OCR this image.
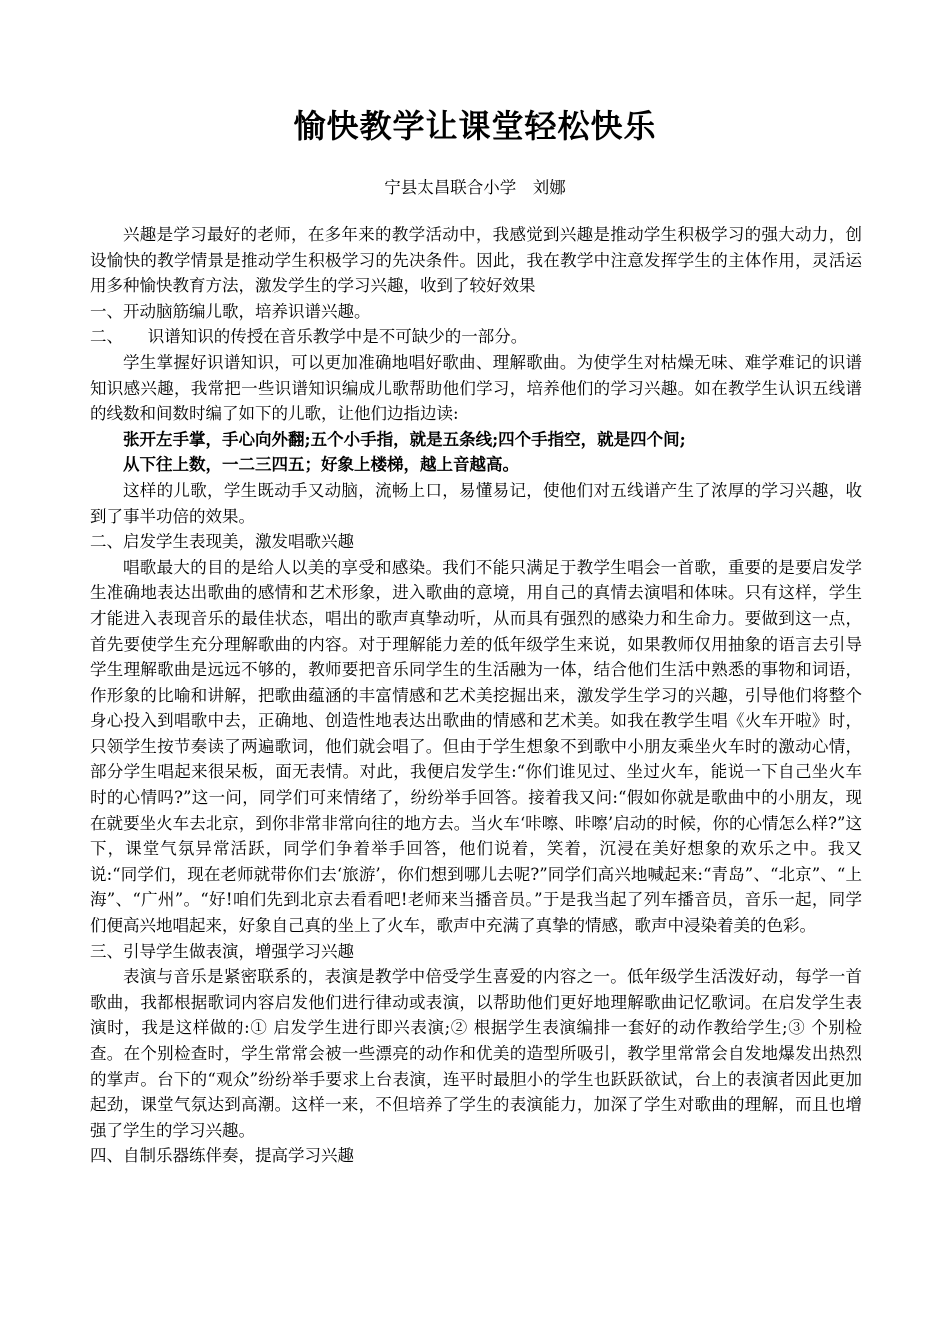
愉快教学让课堂轻松快乐
宁县太昌联合小学　刘娜

兴趣是学习最好的老师，在多年来的教学活动中，我感觉到兴趣是推动学生积极学习的强大动力，创设愉快的教学情景是推动学生积极学习的先决条件。因此，我在教学中注意发挥学生的主体作用，灵活运用多种愉快教育方法，激发学生的学习兴趣，收到了较好效果

一、开动脑筋编儿歌，培养识谱兴趣。

二、　　识谱知识的传授在音乐教学中是不可缺少的一部分。

学生掌握好识谱知识，可以更加准确地唱好歌曲、理解歌曲。为使学生对枯燥无味、难学难记的识谱知识感兴趣，我常把一些识谱知识编成儿歌帮助他们学习，培养他们的学习兴趣。如在教学生认识五线谱的线数和间数时编了如下的儿歌，让他们边指边读:

张开左手掌，手心向外翻;五个小手指，就是五条线;四个手指空，就是四个间;

从下往上数，一二三四五；好象上楼梯，越上音越高。

这样的儿歌，学生既动手又动脑，流畅上口，易懂易记，使他们对五线谱产生了浓厚的学习兴趣，收到了事半功倍的效果。

二、启发学生表现美，激发唱歌兴趣

唱歌最大的目的是给人以美的享受和感染。我们不能只满足于教学生唱会一首歌，重要的是要启发学生准确地表达出歌曲的感情和艺术形象，进入歌曲的意境，用自己的真情去演唱和体味。只有这样，学生才能进入表现音乐的最佳状态，唱出的歌声真挚动听，从而具有强烈的感染力和生命力。要做到这一点，首先要使学生充分理解歌曲的内容。对于理解能力差的低年级学生来说，如果教师仅用抽象的语言去引导学生理解歌曲是远远不够的，教师要把音乐同学生的生活融为一体，结合他们生活中熟悉的事物和词语，作形象的比喻和讲解，把歌曲蕴涵的丰富情感和艺术美挖掘出来，激发学生学习的兴趣，引导他们将整个身心投入到唱歌中去，正确地、创造性地表达出歌曲的情感和艺术美。如我在教学生唱《火车开啦》时，只领学生按节奏读了两遍歌词，他们就会唱了。但由于学生想象不到歌中小朋友乘坐火车时的激动心情，部分学生唱起来很呆板，面无表情。对此，我便启发学生:“你们谁见过、坐过火车，能说一下自己坐火车时的心情吗?”这一问，同学们可来情绪了，纷纷举手回答。接着我又问:“假如你就是歌曲中的小朋友，现在就要坐火车去北京，到你非常非常向往的地方去。当火车‘咔嚓、咔嚓’启动的时候，你的心情怎么样?”这下，课堂气氛异常活跃，同学们争着举手回答，他们说着，笑着，沉浸在美好想象的欢乐之中。我又说:“同学们，现在老师就带你们去‘旅游’，你们想到哪儿去呢?”同学们高兴地喊起来:“青岛”、“北京”、“上海”、“广州”。“好!咱们先到北京去看看吧!老师来当播音员。”于是我当起了列车播音员，音乐一起，同学们便高兴地唱起来，好象自己真的坐上了火车，歌声中充满了真挚的情感，歌声中浸染着美的色彩。

三、引导学生做表演，增强学习兴趣

表演与音乐是紧密联系的，表演是教学中倍受学生喜爱的内容之一。低年级学生活泼好动，每学一首歌曲，我都根据歌词内容启发他们进行律动或表演，以帮助他们更好地理解歌曲记忆歌词。在启发学生表演时，我是这样做的:① 启发学生进行即兴表演;② 根据学生表演编排一套好的动作教给学生;③ 个别检查。在个别检查时，学生常常会被一些漂亮的动作和优美的造型所吸引，教学里常常会自发地爆发出热烈的掌声。台下的“观众”纷纷举手要求上台表演，连平时最胆小的学生也跃跃欲试，台上的表演者因此更加起劲，课堂气氛达到高潮。这样一来，不但培养了学生的表演能力，加深了学生对歌曲的理解，而且也增强了学生的学习兴趣。

四、自制乐器练伴奏，提高学习兴趣
